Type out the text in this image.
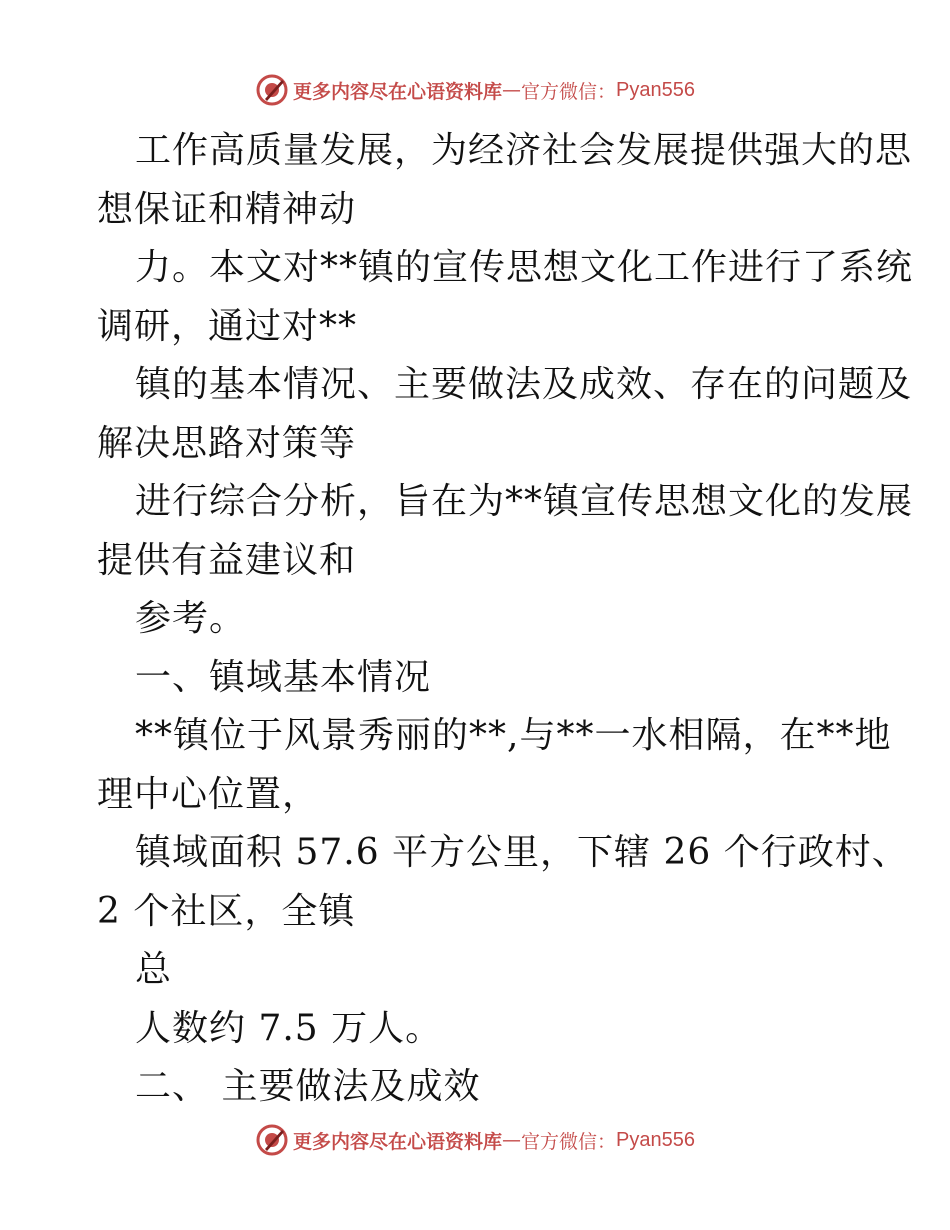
更多内容尽在心语资料库 — 官方微信： Pyan556
工作高质量发展，为经济社会发展提供强大的思
想保证和精神动
力。本文对**镇的宣传思想文化工作进行了系统
调研，通过对**
镇的基本情况、主要做法及成效、存在的问题及
解决思路对策等
进行综合分析，旨在为**镇宣传思想文化的发展
提供有益建议和
参考。
一、镇域基本情况
**镇位于风景秀丽的**,与**一水相隔，在**地
理中心位置，
镇域面积 57.6 平方公里，下辖 26 个行政村、
2 个社区，全镇
总
人数约 7.5 万人。
二、 主要做法及成效
更多内容尽在心语资料库 — 官方微信： Pyan556
